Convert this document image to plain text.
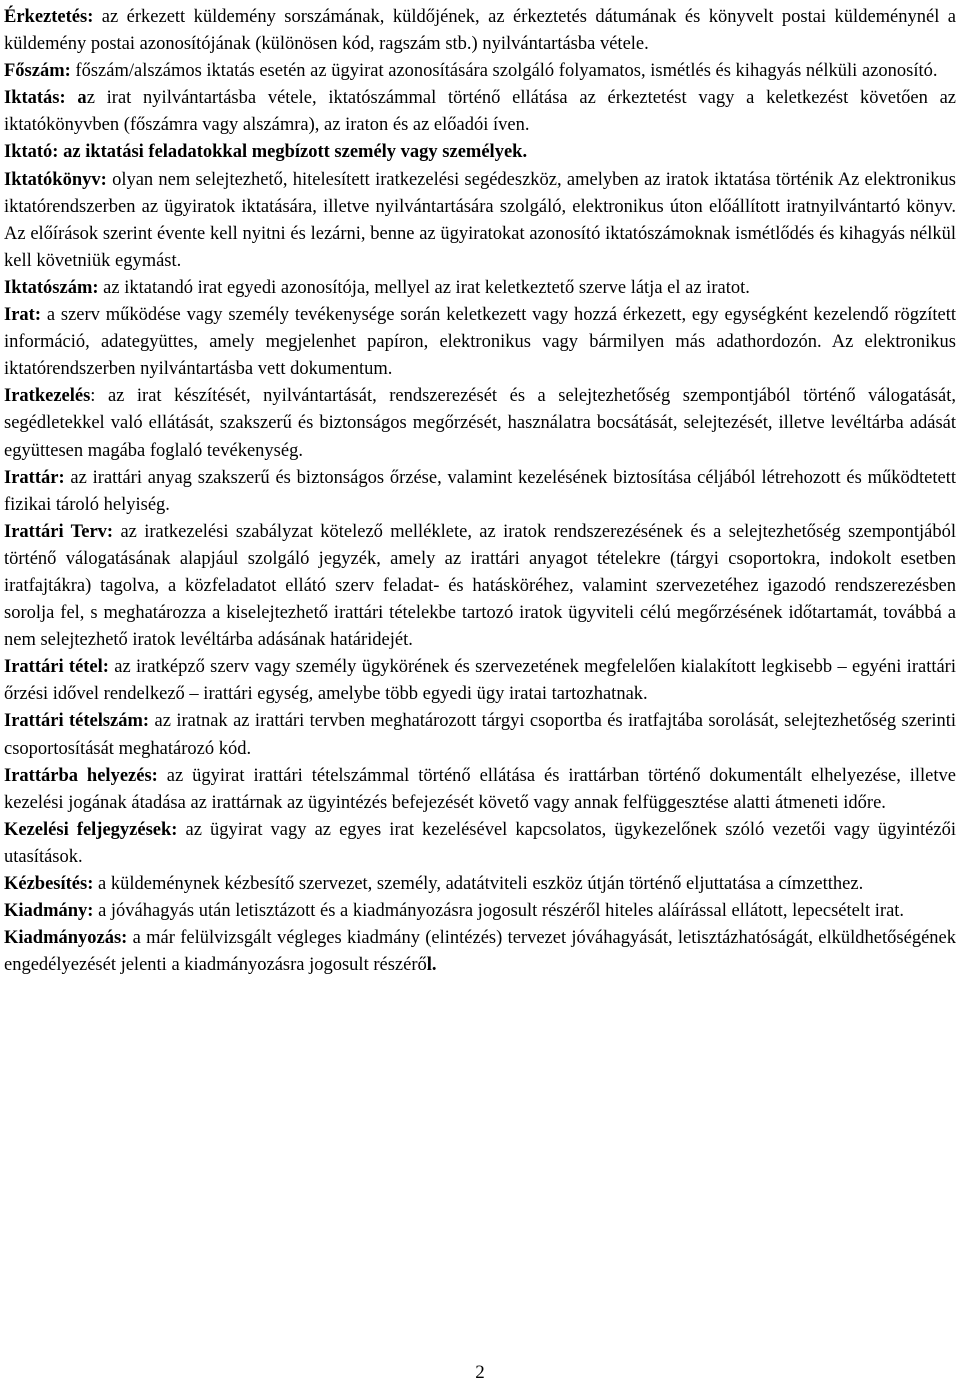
Érkeztetés: az érkezett küldemény sorszámának, küldőjének, az érkeztetés dátumának és könyvelt postai küldeménynél a küldemény postai azonosítójának (különösen kód, ragszám stb.) nyilvántartásba vétele.

Főszám: főszám/alszámos iktatás esetén az ügyirat azonosítására szolgáló folyamatos, ismétlés és kihagyás nélküli azonosító.

Iktatás: az irat nyilvántartásba vétele, iktatószámmal történő ellátása az érkeztetést vagy a keletkezést követően az iktatókönyvben (főszámra vagy alszámra), az iraton és az előadói íven.

Iktató: az iktatási feladatokkal megbízott személy vagy személyek.

Iktatókönyv: olyan nem selejtezhető, hitelesített iratkezelési segédeszköz, amelyben az iratok iktatása történik Az elektronikus iktatórendszerben az ügyiratok iktatására, illetve nyilvántartására szolgáló, elektronikus úton előállított iratnyilvántartó könyv. Az előírások szerint évente kell nyitni és lezárni, benne az ügyiratokat azonosító iktatószámoknak ismétlődés és kihagyás nélkül kell követniük egymást.

Iktatószám: az iktatandó irat egyedi azonosítója, mellyel az irat keletkeztető szerve látja el az iratot.

Irat: a szerv működése vagy személy tevékenysége során keletkezett vagy hozzá érkezett, egy egységként kezelendő rögzített információ, adategyüttes, amely megjelenhet papíron, elektronikus vagy bármilyen más adathordozón. Az elektronikus iktatórendszerben nyilvántartásba vett dokumentum.

Iratkezelés: az irat készítését, nyilvántartását, rendszerezését és a selejtezhetőség szempontjából történő válogatását, segédletekkel való ellátását, szakszerű és biztonságos megőrzését, használatra bocsátását, selejtezését, illetve levéltárba adását együttesen magába foglaló tevékenység.

Irattár: az irattári anyag szakszerű és biztonságos őrzése, valamint kezelésének biztosítása céljából létrehozott és működtetett fizikai tároló helyiség.

Irattári Terv: az iratkezelési szabályzat kötelező melléklete, az iratok rendszerezésének és a selejtezhetőség szempontjából történő válogatásának alapjául szolgáló jegyzék, amely az irattári anyagot tételekre (tárgyi csoportokra, indokolt esetben iratfajtákra) tagolva, a közfeladatot ellátó szerv feladat- és hatásköréhez, valamint szervezetéhez igazodó rendszerezésben sorolja fel, s meghatározza a kiselejtezhető irattári tételekbe tartozó iratok ügyviteli célú megőrzésének időtartamát, továbbá a nem selejtezhető iratok levéltárba adásának határidejét.

Irattári tétel: az iratképző szerv vagy személy ügykörének és szervezetének megfelelően kialakított legkisebb – egyéni irattári őrzési idővel rendelkező – irattári egység, amelybe több egyedi ügy iratai tartozhatnak.

Irattári tételszám: az iratnak az irattári tervben meghatározott tárgyi csoportba és iratfajtába sorolását, selejtezhetőség szerinti csoportosítását meghatározó kód.

Irattárba helyezés: az ügyirat irattári tételszámmal történő ellátása és irattárban történő dokumentált elhelyezése, illetve kezelési jogának átadása az irattárnak az ügyintézés befejezését követő vagy annak felfüggesztése alatti átmeneti időre.

Kezelési feljegyzések: az ügyirat vagy az egyes irat kezelésével kapcsolatos, ügykezelőnek szóló vezetői vagy ügyintézői utasítások.

Kézbesítés: a küldeménynek kézbesítő szervezet, személy, adatátviteli eszköz útján történő eljuttatása a címzetthez.

Kiadmány: a jóváhagyás után letisztázott és a kiadmányozásra jogosult részéről hiteles aláírással ellátott, lepecsételt irat.

Kiadmányozás: a már felülvizsgált végleges kiadmány (elintézés) tervezet jóváhagyását, letisztázhatóságát, elküldhetőségének engedélyezését jelenti a kiadmányozásra jogosult részéről.

2
